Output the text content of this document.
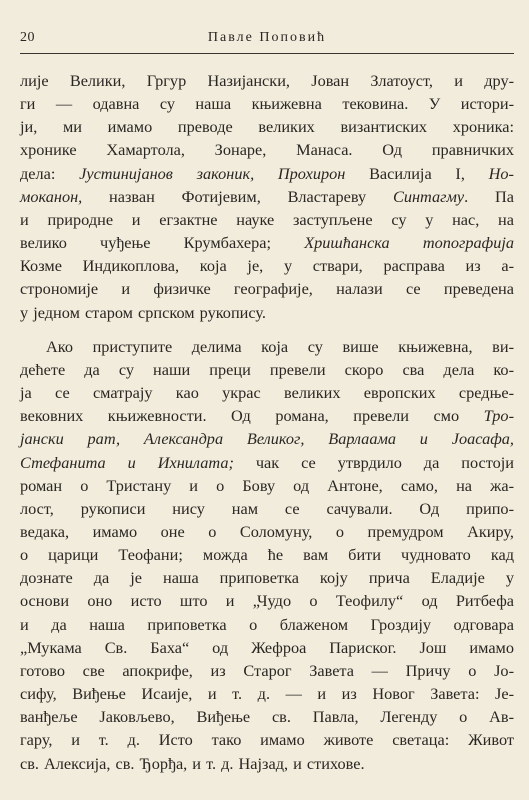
20	Павле Поповић
лије Велики, Гргур Назијански, Јован Златоуст, и дру-
ги — одавна су наша књижевна тековина. У истори-
ји, ми имамо преводе великих византиских хроника:
хронике Хамартола, Зонаре, Манаса. Од правничких
дела: Јустинијанов законик, Прохирон Василија I, Но-
моканон, назван Фотијевим, Властареву Синтагму. Па
и природне и егзактне науке заступљене су у нас, на
велико чуђење Крумбахера; Хришћанска топографија
Козме Индикоплова, која је, у ствари, расправа из а-
строномије и физичке географије, налази се преведена
у једном старом српском рукопису.
Ако приступите делима која су више књижевна, ви-
дећете да су наши преци превели скоро сва дела ко-
ја се сматрају као украс великих европских средње-
вековних књижевности. Од романа, превели смо Тро-
јански рат, Александра Великог, Варлаама и Јоасафа,
Стефанита и Ихнилата; чак се утврдило да постоји
роман о Тристану и о Бову од Антоне, само, на жа-
лост, рукописи нису нам се сачували. Од припо-
ведака, имамо оне о Соломуну, о премудром Акиру,
о царици Теофани; можда ће вам бити чудновато кад
дознате да је наша приповетка коју прича Еладије у
основи оно исто што и „Чудо о Теофилу“ од Ритбефа
и да наша приповетка о блаженом Гроздију одговара
„Мукама Св. Баха“ од Жефроа Париског. Још имамо
готово све апокрифе, из Старог Завета — Причу о Јо-
сифу, Виђење Исаије, и т. д. — и из Новог Завета: Је-
ванђеље Јаковљево, Виђење св. Павла, Легенду о Ав-
гару, и т. д. Исто тако имамо животе светаца: Живот
св. Алексија, св. Ђорђа, и т. д. Најзад, и стихове.
